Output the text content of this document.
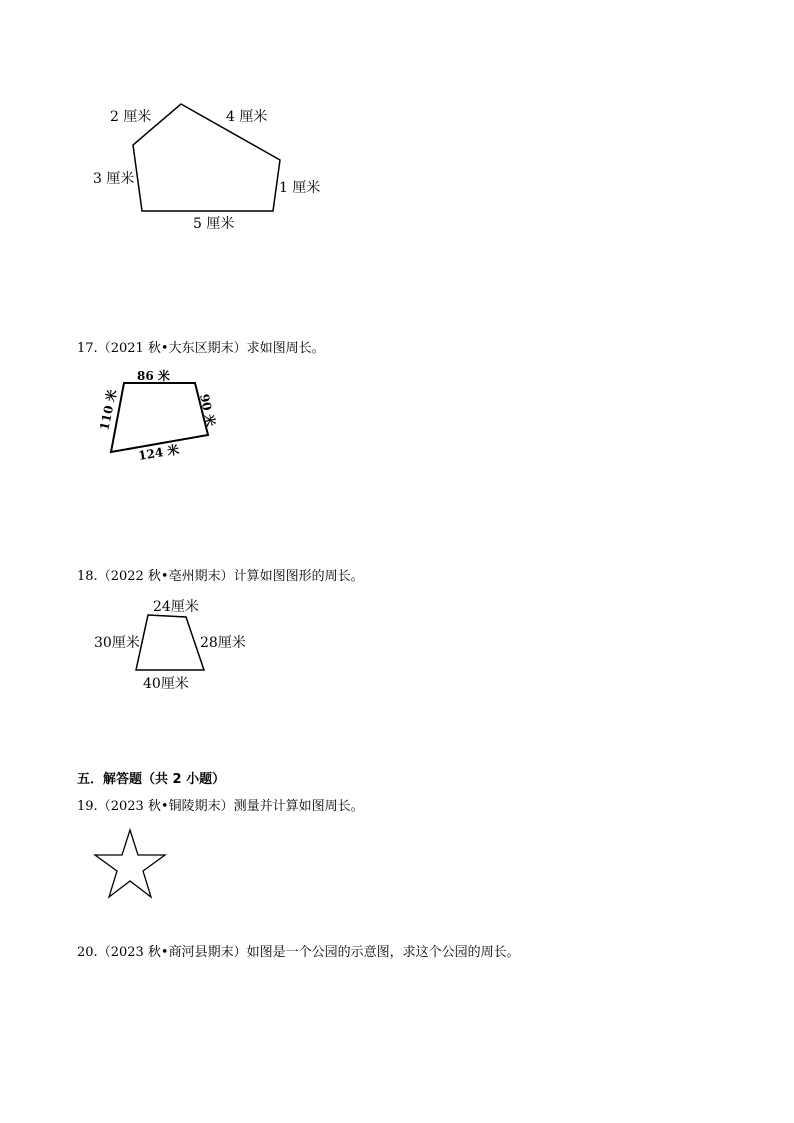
2 厘米	4 厘米
3 厘米
1 厘米
5 厘米
17.（2021 秋•大东区期末）求如图周长。
86 米
110 米	90 米
124 米
18.（2022 秋•亳州期末）计算如图图形的周长。
24厘米
30厘米	28厘米
40厘米
五．解答题（共 2 小题）
19.（2023 秋•铜陵期末）测量并计算如图周长。
20.（2023 秋•商河县期末）如图是一个公园的示意图，求这个公园的周长。
